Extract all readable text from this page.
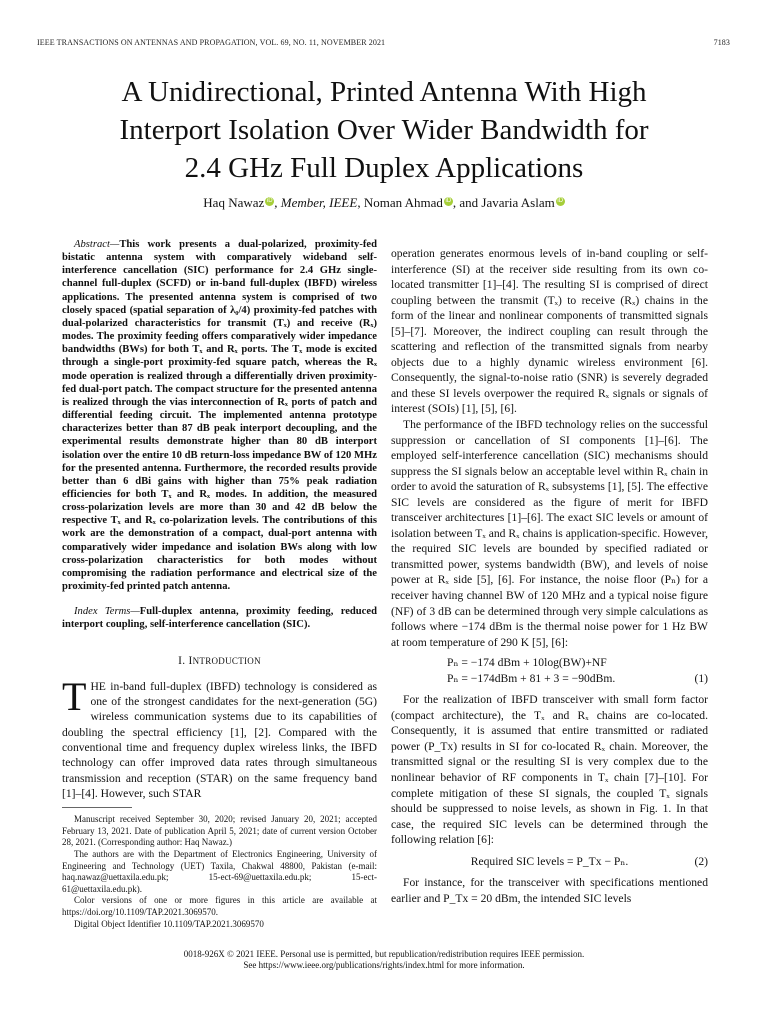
IEEE TRANSACTIONS ON ANTENNAS AND PROPAGATION, VOL. 69, NO. 11, NOVEMBER 2021	7183
A Unidirectional, Printed Antenna With High
Interport Isolation Over Wider Bandwidth for
2.4 GHz Full Duplex Applications
Haq Nawaz iD , Member, IEEE, Noman Ahmad iD , and Javaria Aslam iD

Abstract—This work presents a dual-polarized, proximity-fed bistatic antenna system with comparatively wideband self-interference cancellation (SIC) performance for 2.4 GHz single-channel full-duplex (SCFD) or in-band full-duplex (IBFD) wireless applications. The presented antenna system is comprised of two closely spaced (spatial separation of λ₀/4) proximity-fed patches with dual-polarized characteristics for transmit (Tₓ) and receive (Rₓ) modes. The proximity feeding offers comparatively wider impedance bandwidths (BWs) for both Tₓ and Rₓ ports. The Tₓ mode is excited through a single-port proximity-fed square patch, whereas the Rₓ mode operation is realized through a differentially driven proximity-fed dual-port patch. The compact structure for the presented antenna is realized through the vias interconnection of Rₓ ports of patch and differential feeding circuit. The implemented antenna prototype characterizes better than 87 dB peak interport decoupling, and the experimental results demonstrate higher than 80 dB interport isolation over the entire 10 dB return-loss impedance BW of 120 MHz for the presented antenna. Furthermore, the recorded results provide better than 6 dBi gains with higher than 75% peak radiation efficiencies for both Tₓ and Rₓ modes. In addition, the measured cross-polarization levels are more than 30 and 42 dB below the respective Tₓ and Rₓ co-polarization levels. The contributions of this work are the demonstration of a compact, dual-port antenna with comparatively wider impedance and isolation BWs along with low cross-polarization characteristics for both modes without compromising the radiation performance and electrical size of the proximity-fed printed patch antenna.

Index Terms—Full-duplex antenna, proximity feeding, reduced interport coupling, self-interference cancellation (SIC).

I. INTRODUCTION

THE in-band full-duplex (IBFD) technology is considered as one of the strongest candidates for the next-generation (5G) wireless communication systems due to its capabilities of doubling the spectral efficiency [1], [2]. Compared with the conventional time and frequency duplex wireless links, the IBFD technology can offer improved data rates through simultaneous transmission and reception (STAR) on the same frequency band [1]–[4]. However, such STAR

Manuscript received September 30, 2020; revised January 20, 2021; accepted February 13, 2021. Date of publication April 5, 2021; date of current version October 28, 2021. (Corresponding author: Haq Nawaz.)

The authors are with the Department of Electronics Engineering, University of Engineering and Technology (UET) Taxila, Chakwal 48800, Pakistan (e-mail: haq.nawaz@uettaxila.edu.pk; 15-ect-69@uettaxila.edu.pk; 15-ect-61@uettaxila.edu.pk).

Color versions of one or more figures in this article are available at https://doi.org/10.1109/TAP.2021.3069570.

Digital Object Identifier 10.1109/TAP.2021.3069570

operation generates enormous levels of in-band coupling or self-interference (SI) at the receiver side resulting from its own co-located transmitter [1]–[4]. The resulting SI is comprised of direct coupling between the transmit (Tₓ) to receive (Rₓ) chains in the form of the linear and nonlinear components of transmitted signals [5]–[7]. Moreover, the indirect coupling can result through the scattering and reflection of the transmitted signals from nearby objects due to a highly dynamic wireless environment [6]. Consequently, the signal-to-noise ratio (SNR) is severely degraded and these SI levels overpower the required Rₓ signals or signals of interest (SOIs) [1], [5], [6].

The performance of the IBFD technology relies on the successful suppression or cancellation of SI components [1]–[6]. The employed self-interference cancellation (SIC) mechanisms should suppress the SI signals below an acceptable level within Rₓ chain in order to avoid the saturation of Rₓ subsystems [1], [5]. The effective SIC levels are considered as the figure of merit for IBFD transceiver architectures [1]–[6]. The exact SIC levels or amount of isolation between Tₓ and Rₓ chains is application-specific. However, the required SIC levels are bounded by specified radiated or transmitted power, systems bandwidth (BW), and levels of noise power at Rₓ side [5], [6]. For instance, the noise floor (Pₙ) for a receiver having channel BW of 120 MHz and a typical noise figure (NF) of 3 dB can be determined through very simple calculations as follows where −174 dBm is the thermal noise power for 1 Hz BW at room temperature of 290 K [5], [6]:

Pₙ = −174 dBm + 10log(BW)+NF
Pₙ = −174dBm + 81 + 3 = −90dBm.	(1)

For the realization of IBFD transceiver with small form factor (compact architecture), the Tₓ and Rₓ chains are co-located. Consequently, it is assumed that entire transmitted or radiated power (P_Tx) results in SI for co-located Rₓ chain. Moreover, the transmitted signal or the resulting SI is very complex due to the nonlinear behavior of RF components in Tₓ chain [7]–[10]. For complete mitigation of these SI signals, the coupled Tₓ signals should be suppressed to noise levels, as shown in Fig. 1. In that case, the required SIC levels can be determined through the following relation [6]:

Required SIC levels = P_Tx − Pₙ.	(2)

For instance, for the transceiver with specifications mentioned earlier and P_Tx = 20 dBm, the intended SIC levels

0018-926X © 2021 IEEE. Personal use is permitted, but republication/redistribution requires IEEE permission.
See https://www.ieee.org/publications/rights/index.html for more information.
